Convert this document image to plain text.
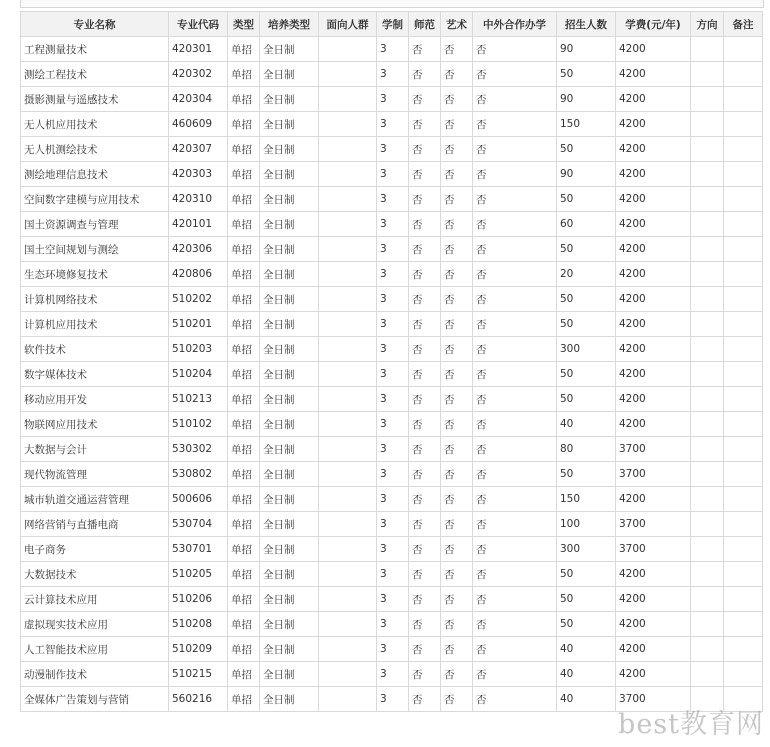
专业名称	专业代码	类型	培养类型	面向人群	学制	师范	艺术	中外合作办学	招生人数	学费(元/年)	方向	备注
工程测量技术	420301	单招	全日制		3	否	否	否	90	4200		
测绘工程技术	420302	单招	全日制		3	否	否	否	50	4200		
摄影测量与遥感技术	420304	单招	全日制		3	否	否	否	90	4200		
无人机应用技术	460609	单招	全日制		3	否	否	否	150	4200		
无人机测绘技术	420307	单招	全日制		3	否	否	否	50	4200		
测绘地理信息技术	420303	单招	全日制		3	否	否	否	90	4200		
空间数字建模与应用技术	420310	单招	全日制		3	否	否	否	50	4200		
国土资源调查与管理	420101	单招	全日制		3	否	否	否	60	4200		
国土空间规划与测绘	420306	单招	全日制		3	否	否	否	50	4200		
生态环境修复技术	420806	单招	全日制		3	否	否	否	20	4200		
计算机网络技术	510202	单招	全日制		3	否	否	否	50	4200		
计算机应用技术	510201	单招	全日制		3	否	否	否	50	4200		
软件技术	510203	单招	全日制		3	否	否	否	300	4200		
数字媒体技术	510204	单招	全日制		3	否	否	否	50	4200		
移动应用开发	510213	单招	全日制		3	否	否	否	50	4200		
物联网应用技术	510102	单招	全日制		3	否	否	否	40	4200		
大数据与会计	530302	单招	全日制		3	否	否	否	80	3700		
现代物流管理	530802	单招	全日制		3	否	否	否	50	3700		
城市轨道交通运营管理	500606	单招	全日制		3	否	否	否	150	4200		
网络营销与直播电商	530704	单招	全日制		3	否	否	否	100	3700		
电子商务	530701	单招	全日制		3	否	否	否	300	3700		
大数据技术	510205	单招	全日制		3	否	否	否	50	4200		
云计算技术应用	510206	单招	全日制		3	否	否	否	50	4200		
虚拟现实技术应用	510208	单招	全日制		3	否	否	否	50	4200		
人工智能技术应用	510209	单招	全日制		3	否	否	否	40	4200		
动漫制作技术	510215	单招	全日制		3	否	否	否	40	4200		
全媒体广告策划与营销	560216	单招	全日制		3	否	否	否	40	3700		
best教育网
